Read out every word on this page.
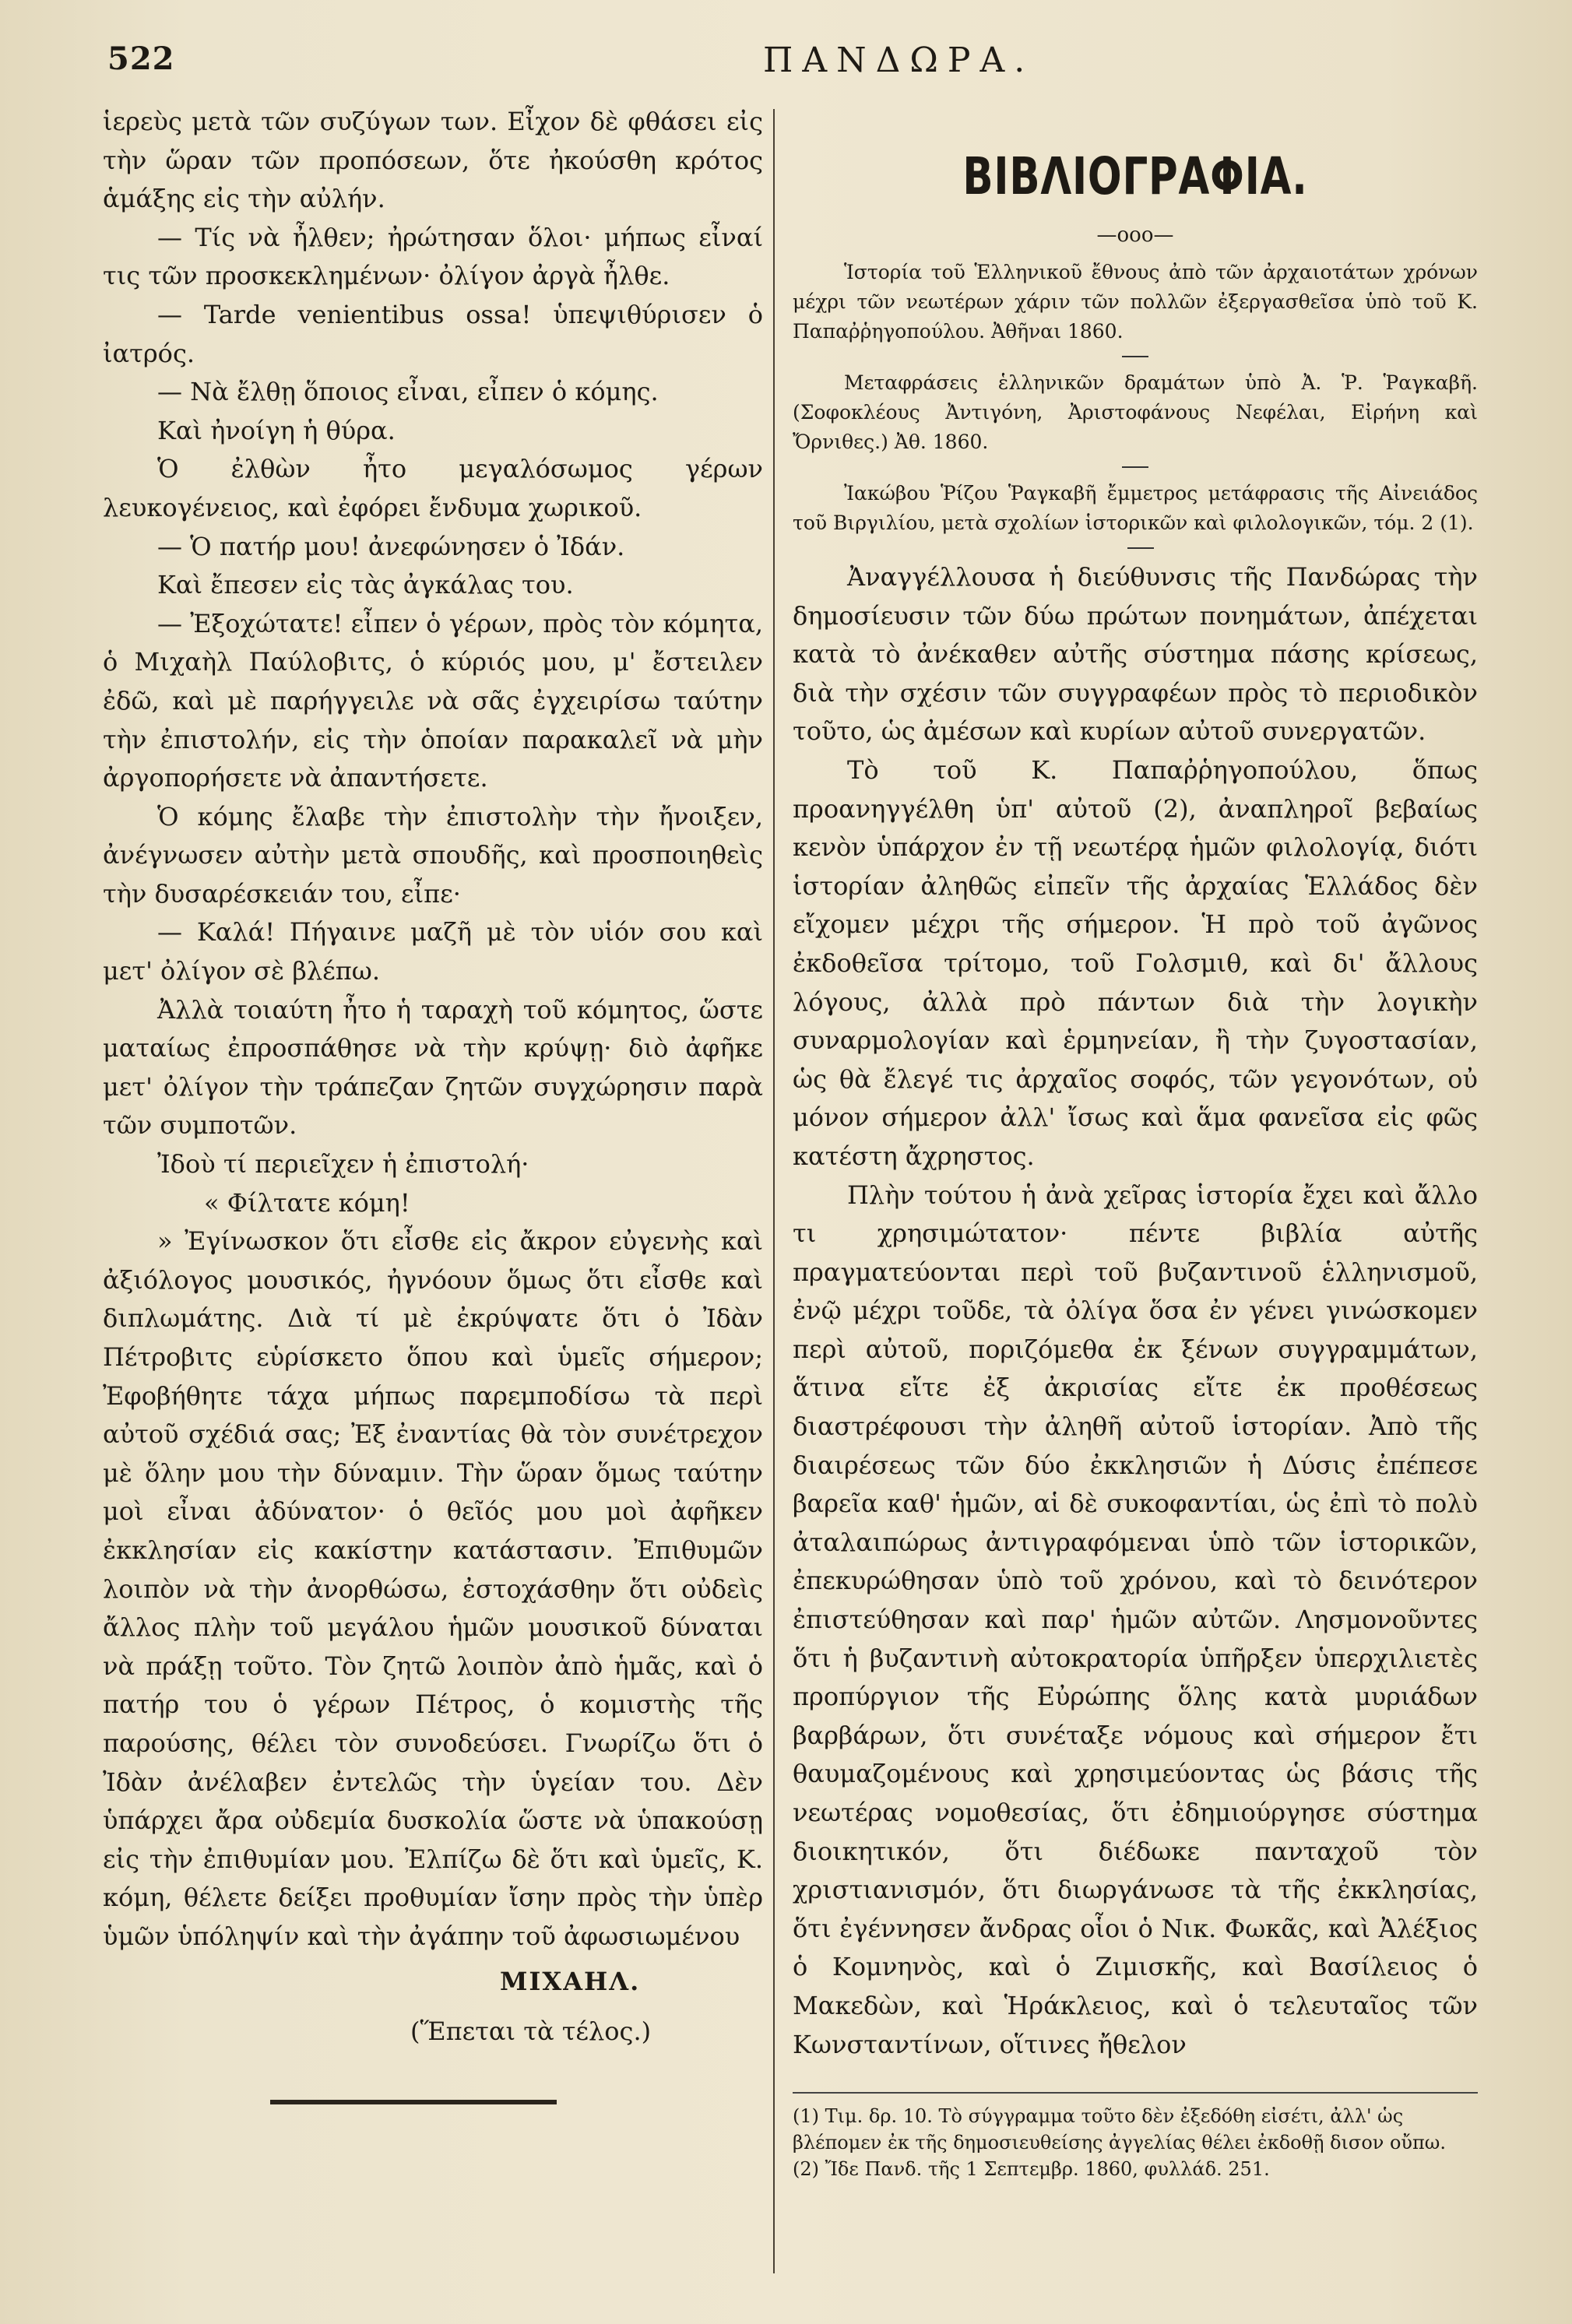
522	ΠΑΝΔΩΡΑ.

ἱερεὺς μετὰ τῶν συζύγων των. Εἶχον δὲ φθάσει εἰς τὴν ὥραν τῶν προπόσεων, ὅτε ἠκούσθη κρότος ἁμάξης εἰς τὴν αὐλήν.

— Τίς νὰ ἦλθεν; ἠρώτησαν ὅλοι· μήπως εἶναί τις τῶν προσκεκλημένων· ὀλίγον ἀργὰ ἦλθε.

— Tarde venientibus ossa! ὑπεψιθύρισεν ὁ ἰατρός.

— Νὰ ἔλθῃ ὅποιος εἶναι, εἶπεν ὁ κόμης.

Καὶ ἠνοίγη ἡ θύρα.

Ὁ ἐλθὼν ἦτο μεγαλόσωμος γέρων λευκογένειος, καὶ ἐφόρει ἔνδυμα χωρικοῦ.

— Ὁ πατήρ μου! ἀνεφώνησεν ὁ Ἰδάν.

Καὶ ἔπεσεν εἰς τὰς ἀγκάλας του.

— Ἐξοχώτατε! εἶπεν ὁ γέρων, πρὸς τὸν κόμητα, ὁ Μιχαὴλ Παύλοβιτς, ὁ κύριός μου, μ' ἔστειλεν ἐδῶ, καὶ μὲ παρήγγειλε νὰ σᾶς ἐγχειρίσω ταύτην τὴν ἐπιστολήν, εἰς τὴν ὁποίαν παρακαλεῖ νὰ μὴν ἀργοπορήσετε νὰ ἀπαντήσετε.

Ὁ κόμης ἔλαβε τὴν ἐπιστολὴν τὴν ἤνοιξεν, ἀνέγνωσεν αὐτὴν μετὰ σπουδῆς, καὶ προσποιηθεὶς τὴν δυσαρέσκειάν του, εἶπε·

— Καλά! Πήγαινε μαζῆ μὲ τὸν υἱόν σου καὶ μετ' ὀλίγον σὲ βλέπω.

Ἀλλὰ τοιαύτη ἦτο ἡ ταραχὴ τοῦ κόμητος, ὥστε ματαίως ἐπροσπάθησε νὰ τὴν κρύψῃ· διὸ ἀφῆκε μετ' ὀλίγον τὴν τράπεζαν ζητῶν συγχώρησιν παρὰ τῶν συμποτῶν.

Ἰδοὺ τί περιεῖχεν ἡ ἐπιστολή·

« Φίλτατε κόμη!

» Ἐγίνωσκον ὅτι εἶσθε εἰς ἄκρον εὐγενὴς καὶ ἀξιόλογος μουσικός, ἠγνόουν ὅμως ὅτι εἶσθε καὶ διπλωμάτης. Διὰ τί μὲ ἐκρύψατε ὅτι ὁ Ἰδὰν Πέτροβιτς εὑρίσκετο ὅπου καὶ ὑμεῖς σήμερον; Ἐφοβήθητε τάχα μήπως παρεμποδίσω τὰ περὶ αὐτοῦ σχέδιά σας; Ἐξ ἐναντίας θὰ τὸν συνέτρεχον μὲ ὅλην μου τὴν δύναμιν. Τὴν ὥραν ὅμως ταύτην μοὶ εἶναι ἀδύνατον· ὁ θεῖός μου μοὶ ἀφῆκεν ἐκκλησίαν εἰς κακίστην κατάστασιν. Ἐπιθυμῶν λοιπὸν νὰ τὴν ἀνορθώσω, ἐστοχάσθην ὅτι οὐδεὶς ἄλλος πλὴν τοῦ μεγάλου ἡμῶν μουσικοῦ δύναται νὰ πράξῃ τοῦτο. Τὸν ζητῶ λοιπὸν ἀπὸ ἡμᾶς, καὶ ὁ πατήρ του ὁ γέρων Πέτρος, ὁ κομιστὴς τῆς παρούσης, θέλει τὸν συνοδεύσει. Γνωρίζω ὅτι ὁ Ἰδὰν ἀνέλαβεν ἐντελῶς τὴν ὑγείαν του. Δὲν ὑπάρχει ἄρα οὐδεμία δυσκολία ὥστε νὰ ὑπακούσῃ εἰς τὴν ἐπιθυμίαν μου. Ἐλπίζω δὲ ὅτι καὶ ὑμεῖς, Κ. κόμη, θέλετε δείξει προθυμίαν ἴσην πρὸς τὴν ὑπὲρ ὑμῶν ὑπόληψίν καὶ τὴν ἀγάπην τοῦ ἀφωσιωμένου

ΜΙΧΑΗΛ.
(Ἕπεται τὰ τέλος.)
ΒΙΒΛΙΟΓΡΑΦΙΑ.
—ooo—

Ἱστορία τοῦ Ἑλληνικοῦ ἔθνους ἀπὸ τῶν ἀρχαιοτάτων χρόνων μέχρι τῶν νεωτέρων χάριν τῶν πολλῶν ἐξεργασθεῖσα ὑπὸ τοῦ Κ. Παπαῤῥηγοπούλου. Ἀθῆναι 1860.

Μεταφράσεις ἑλληνικῶν δραμάτων ὑπὸ Ἀ. Ῥ. Ῥαγκαβῆ. (Σοφοκλέους Ἀντιγόνη, Ἀριστοφάνους Νεφέλαι, Εἰρήνη καὶ Ὄρνιθες.) Ἀθ. 1860.

Ἰακώβου Ῥίζου Ῥαγκαβῆ ἔμμετρος μετάφρασις τῆς Αἰνειάδος τοῦ Βιργιλίου, μετὰ σχολίων ἱστορικῶν καὶ φιλολογικῶν, τόμ. 2 (1).

Ἀναγγέλλουσα ἡ διεύθυνσις τῆς Πανδώρας τὴν δημοσίευσιν τῶν δύω πρώτων πονημάτων, ἀπέχεται κατὰ τὸ ἀνέκαθεν αὐτῆς σύστημα πάσης κρίσεως, διὰ τὴν σχέσιν τῶν συγγραφέων πρὸς τὸ περιοδικὸν τοῦτο, ὡς ἀμέσων καὶ κυρίων αὐτοῦ συνεργατῶν.

Τὸ τοῦ Κ. Παπαῤῥηγοπούλου, ὅπως προανηγγέλθη ὑπ' αὐτοῦ (2), ἀναπληροῖ βεβαίως κενὸν ὑπάρχον ἐν τῇ νεωτέρᾳ ἡμῶν φιλολογίᾳ, διότι ἱστορίαν ἀληθῶς εἰπεῖν τῆς ἀρχαίας Ἑλλάδος δὲν εἴχομεν μέχρι τῆς σήμερον. Ἡ πρὸ τοῦ ἀγῶνος ἐκδοθεῖσα τρίτομο, τοῦ Γολσμιθ, καὶ δι' ἄλλους λόγους, ἀλλὰ πρὸ πάντων διὰ τὴν λογικὴν συναρμολογίαν καὶ ἑρμηνείαν, ἢ τὴν ζυγοστασίαν, ὡς θὰ ἔλεγέ τις ἀρχαῖος σοφός, τῶν γεγονότων, οὐ μόνον σήμερον ἀλλ' ἴσως καὶ ἅμα φανεῖσα εἰς φῶς κατέστη ἄχρηστος.

Πλὴν τούτου ἡ ἀνὰ χεῖρας ἱστορία ἔχει καὶ ἄλλο τι χρησιμώτατον· πέντε βιβλία αὐτῆς πραγματεύονται περὶ τοῦ βυζαντινοῦ ἑλληνισμοῦ, ἐνῷ μέχρι τοῦδε, τὰ ὀλίγα ὅσα ἐν γένει γινώσκομεν περὶ αὐτοῦ, ποριζόμεθα ἐκ ξένων συγγραμμάτων, ἅτινα εἴτε ἐξ ἀκρισίας εἴτε ἐκ προθέσεως διαστρέφουσι τὴν ἀληθῆ αὐτοῦ ἱστορίαν. Ἀπὸ τῆς διαιρέσεως τῶν δύο ἐκκλησιῶν ἡ Δύσις ἐπέπεσε βαρεῖα καθ' ἡμῶν, αἱ δὲ συκοφαντίαι, ὡς ἐπὶ τὸ πολὺ ἀταλαιπώρως ἀντιγραφόμεναι ὑπὸ τῶν ἱστορικῶν, ἐπεκυρώθησαν ὑπὸ τοῦ χρόνου, καὶ τὸ δεινότερον ἐπιστεύθησαν καὶ παρ' ἡμῶν αὐτῶν. Λησμονοῦντες ὅτι ἡ βυζαντινὴ αὐτοκρατορία ὑπῆρξεν ὑπερχιλιετὲς προπύργιον τῆς Εὐρώπης ὅλης κατὰ μυριάδων βαρβάρων, ὅτι συνέταξε νόμους καὶ σήμερον ἔτι θαυμαζομένους καὶ χρησιμεύοντας ὡς βάσις τῆς νεωτέρας νομοθεσίας, ὅτι ἐδημιούργησε σύστημα διοικητικόν, ὅτι διέδωκε πανταχοῦ τὸν χριστιανισμόν, ὅτι διωργάνωσε τὰ τῆς ἐκκλησίας, ὅτι ἐγέννησεν ἄνδρας οἷοι ὁ Νικ. Φωκᾶς, καὶ Ἀλέξιος ὁ Κομνηνὸς, καὶ ὁ Ζιμισκῆς, καὶ Βασίλειος ὁ Μακεδὼν, καὶ Ἡράκλειος, καὶ ὁ τελευταῖος τῶν Κωνσταντίνων, οἵτινες ἤθελον

(1) Τιμ. δρ. 10. Τὸ σύγγραμμα τοῦτο δὲν ἐξεδόθη εἰσέτι, ἀλλ' ὡς βλέπομεν ἐκ τῆς δημοσιευθείσης ἀγγελίας θέλει ἐκδοθῇ δισον οὔπω.

(2) Ἴδε Πανδ. τῆς 1 Σεπτεμβρ. 1860, φυλλάδ. 251.
